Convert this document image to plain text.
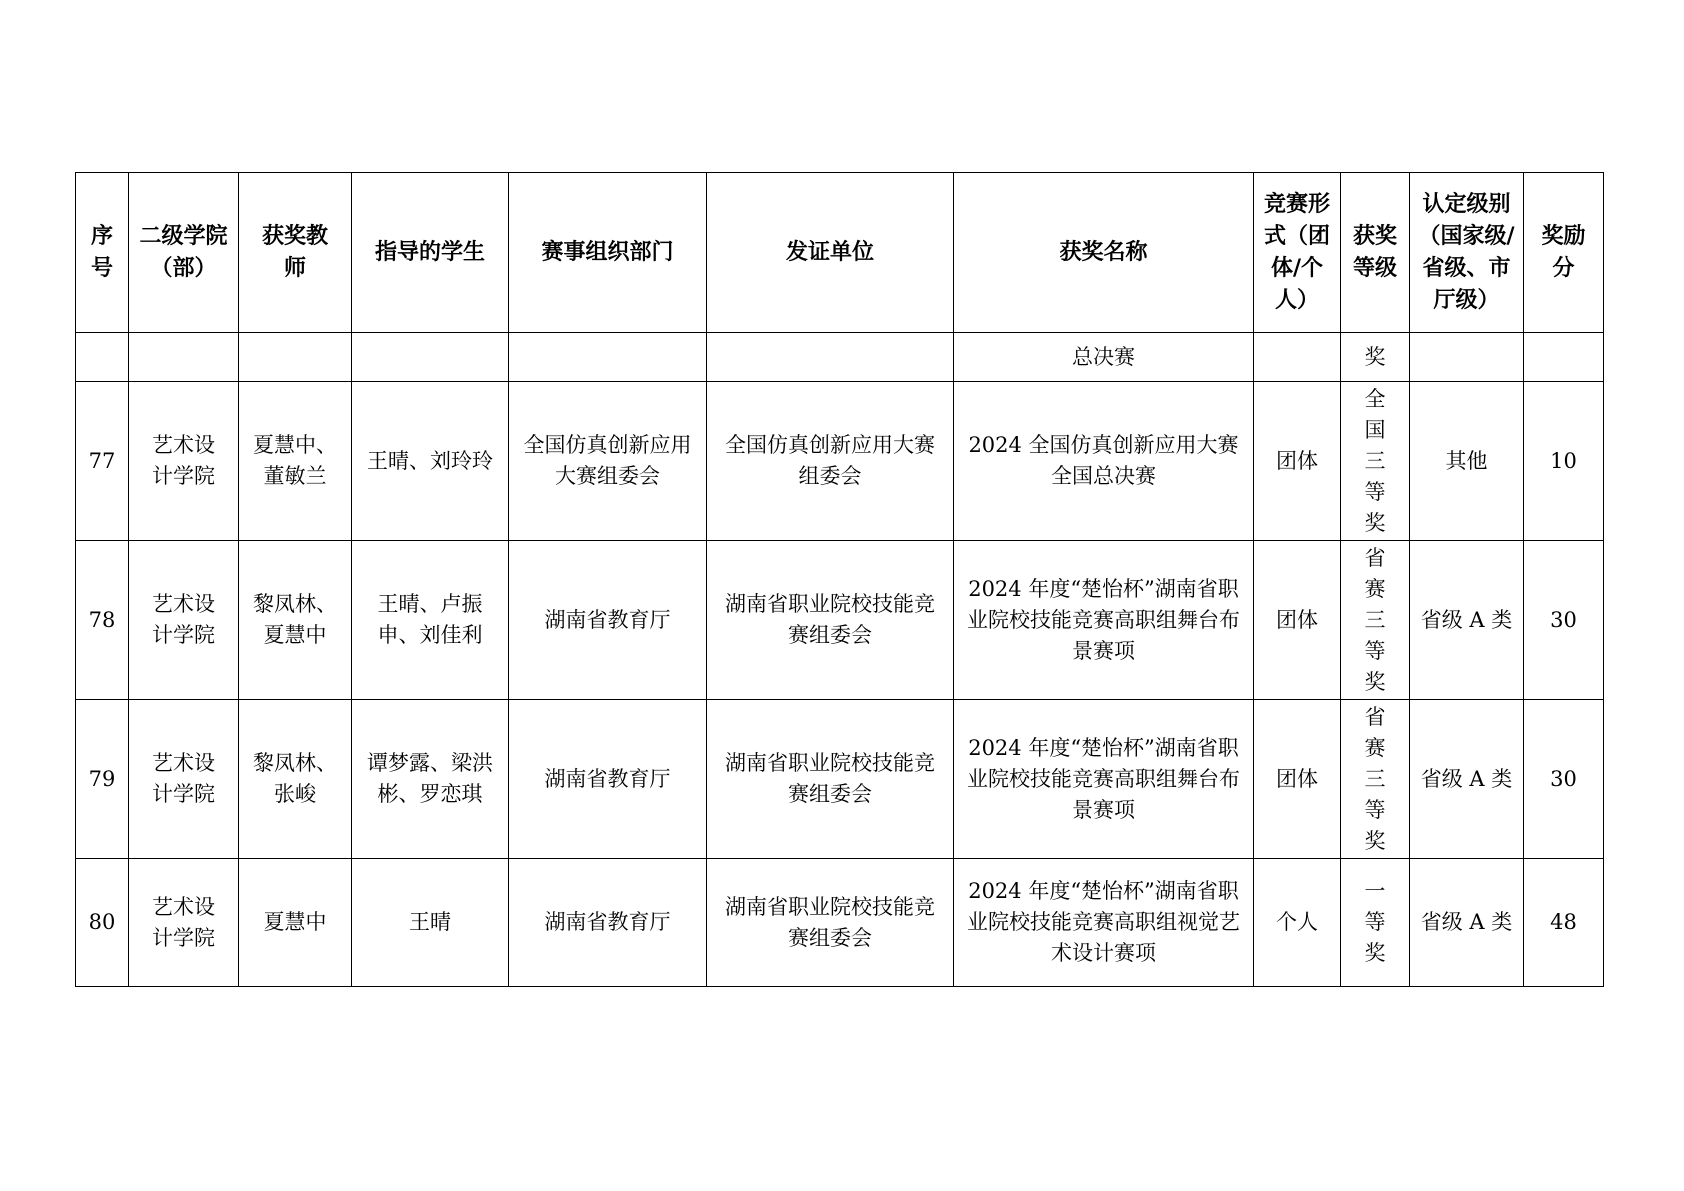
序号	二级学院（部）	获奖教师	指导的学生	赛事组织部门	发证单位	获奖名称	竞赛形式（团体/个人）	获奖等级	认定级别（国家级/省级、市厅级）	奖励分
						总决赛		奖		
77	艺术设计学院	夏慧中、董敏兰	王晴、刘玲玲	全国仿真创新应用大赛组委会	全国仿真创新应用大赛组委会	2024 全国仿真创新应用大赛全国总决赛	团体	全国三等奖	其他	10
78	艺术设计学院	黎凤林、夏慧中	王晴、卢振申、刘佳利	湖南省教育厅	湖南省职业院校技能竞赛组委会	2024 年度“楚怡杯”湖南省职业院校技能竞赛高职组舞台布景赛项	团体	省赛三等奖	省级 A 类	30
79	艺术设计学院	黎凤林、张峻	谭梦露、梁洪彬、罗恋琪	湖南省教育厅	湖南省职业院校技能竞赛组委会	2024 年度“楚怡杯”湖南省职业院校技能竞赛高职组舞台布景赛项	团体	省赛三等奖	省级 A 类	30
80	艺术设计学院	夏慧中	王晴	湖南省教育厅	湖南省职业院校技能竞赛组委会	2024 年度“楚怡杯”湖南省职业院校技能竞赛高职组视觉艺术设计赛项	个人	一等奖	省级 A 类	48
